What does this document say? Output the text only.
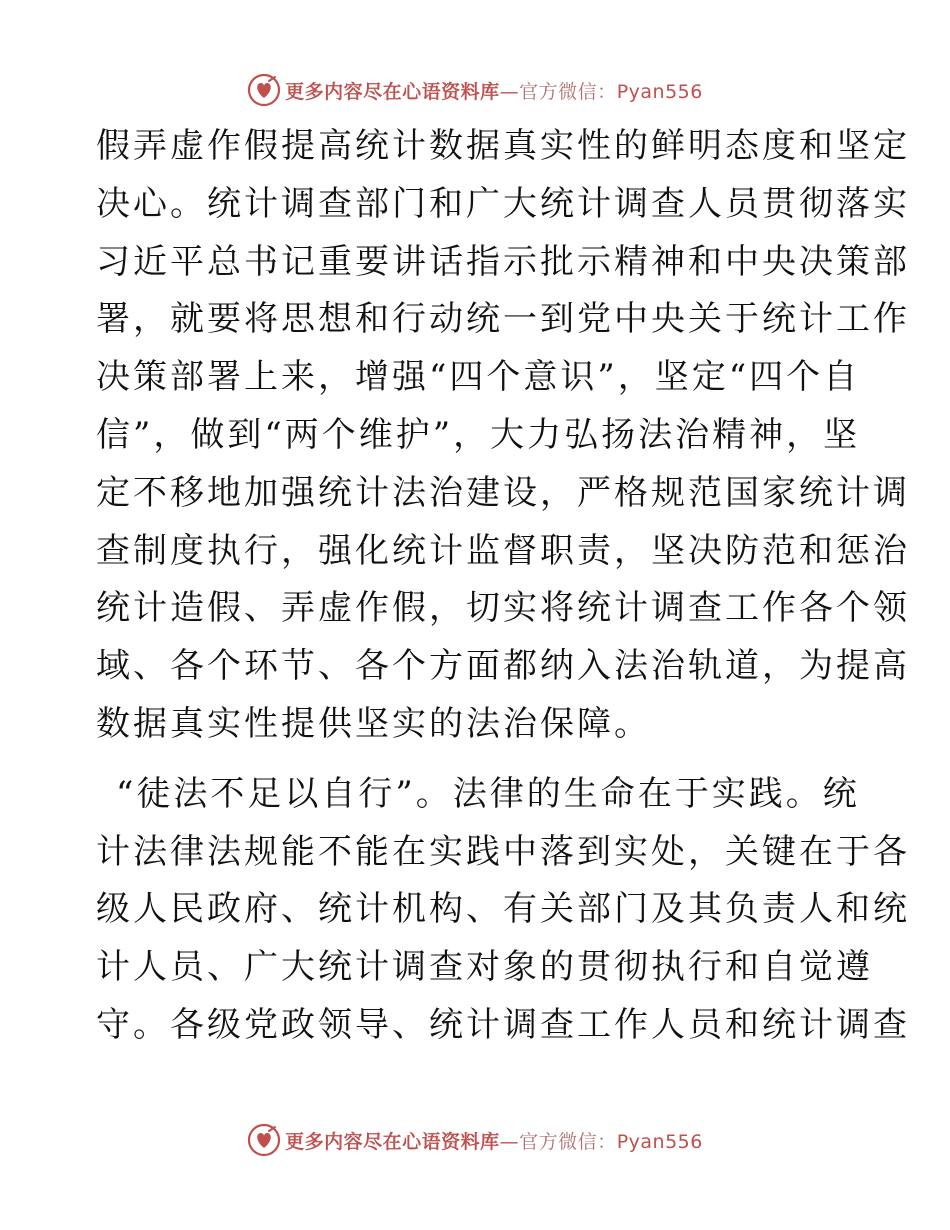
更多内容尽在心语资料库—官方微信：Pyan556
假弄虚作假提高统计数据真实性的鲜明态度和坚定
决心。统计调查部门和广大统计调查人员贯彻落实
习近平总书记重要讲话指示批示精神和中央决策部
署，就要将思想和行动统一到党中央关于统计工作
决策部署上来，增强“四个意识”，坚定“四个自
信”，做到“两个维护”，大力弘扬法治精神，坚
定不移地加强统计法治建设，严格规范国家统计调
查制度执行，强化统计监督职责，坚决防范和惩治
统计造假、弄虚作假，切实将统计调查工作各个领
域、各个环节、各个方面都纳入法治轨道，为提高
数据真实性提供坚实的法治保障。
“徒法不足以自行”。法律的生命在于实践。统
计法律法规能不能在实践中落到实处，关键在于各
级人民政府、统计机构、有关部门及其负责人和统
计人员、广大统计调查对象的贯彻执行和自觉遵
守。各级党政领导、统计调查工作人员和统计调查
更多内容尽在心语资料库—官方微信：Pyan556
